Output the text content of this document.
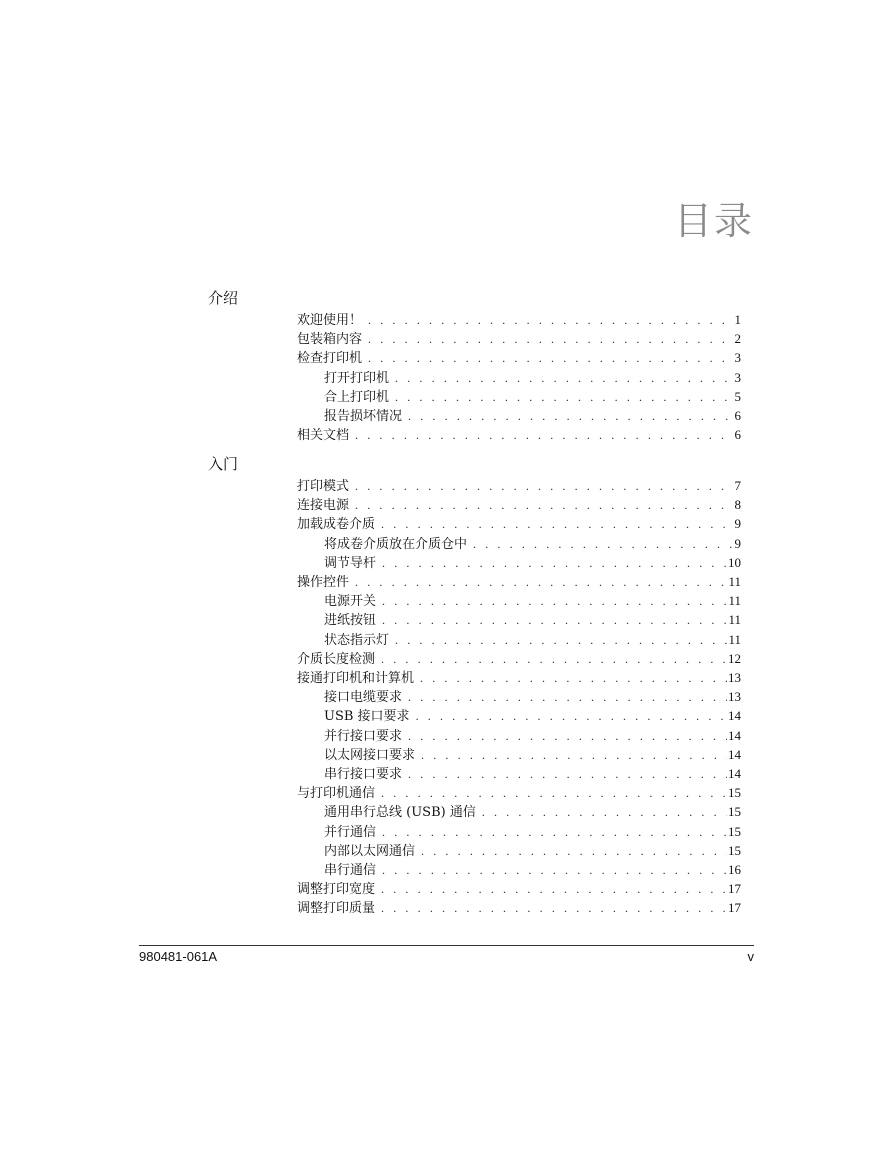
目录
介绍
欢迎使用！ . . .	1
包装箱内容 . . .	2
检查打印机 . . .	3
打开打印机 . . .	3
合上打印机 . . .	5
报告损坏情况 . . .	6
相关文档 . . .	6
入门
打印模式 . . .	7
连接电源 . . .	8
加载成卷介质 . . .	9
将成卷介质放在介质仓中 . . .	9
调节导杆 . . .	10
操作控件 . . .	11
电源开关 . . .	11
进纸按钮 . . .	11
状态指示灯 . . .	11
介质长度检测 . . .	12
接通打印机和计算机 . . .	13
接口电缆要求 . . .	13
USB 接口要求 . . .	14
并行接口要求 . . .	14
以太网接口要求 . . .	14
串行接口要求 . . .	14
与打印机通信 . . .	15
通用串行总线 (USB) 通信 . . .	15
并行通信 . . .	15
内部以太网通信 . . .	15
串行通信 . . .	16
调整打印宽度 . . .	17
调整打印质量 . . .	17
980481-061A	v
